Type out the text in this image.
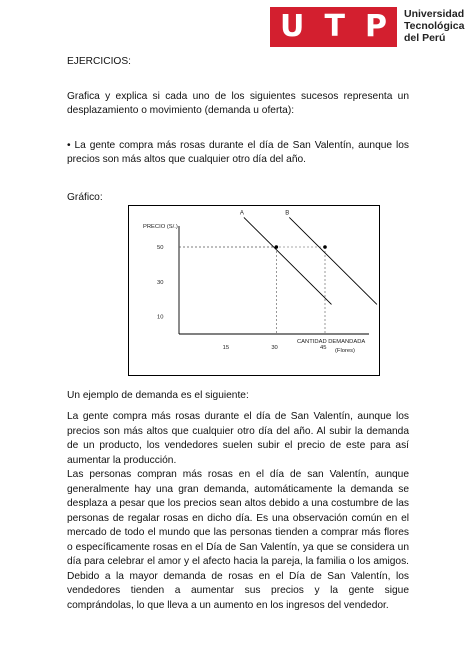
U T P Universidad
Tecnológica
del Perú
EJERCICIOS:
Grafica y explica si cada uno de los siguientes sucesos representa un desplazamiento o movimiento (demanda u oferta):
• La gente compra más rosas durante el día de San Valentín, aunque los precios son más altos que cualquier otro día del año.
Gráfico:
A	B
PRECIO (S/.)
CANTIDAD DEMANDADA
(Flores)
15	30	45
10
30
50
Un ejemplo de demanda es el siguiente:

La gente compra más rosas durante el día de San Valentín, aunque los precios son más altos que cualquier otro día del año. Al subir la demanda de un producto, los vendedores suelen subir el precio de este para así aumentar la producción.

Las personas compran más rosas en el día de san Valentín, aunque generalmente hay una gran demanda, automáticamente la demanda se desplaza a pesar que los precios sean altos debido a una costumbre de las personas de regalar rosas en dicho día. Es una observación común en el mercado de todo el mundo que las personas tienden a comprar más flores o específicamente rosas en el Día de San Valentín, ya que se considera un día para celebrar el amor y el afecto hacia la pareja, la familia o los amigos. Debido a la mayor demanda de rosas en el Día de San Valentín, los vendedores tienden a aumentar sus precios y la gente sigue comprándolas, lo que lleva a un aumento en los ingresos del vendedor.
